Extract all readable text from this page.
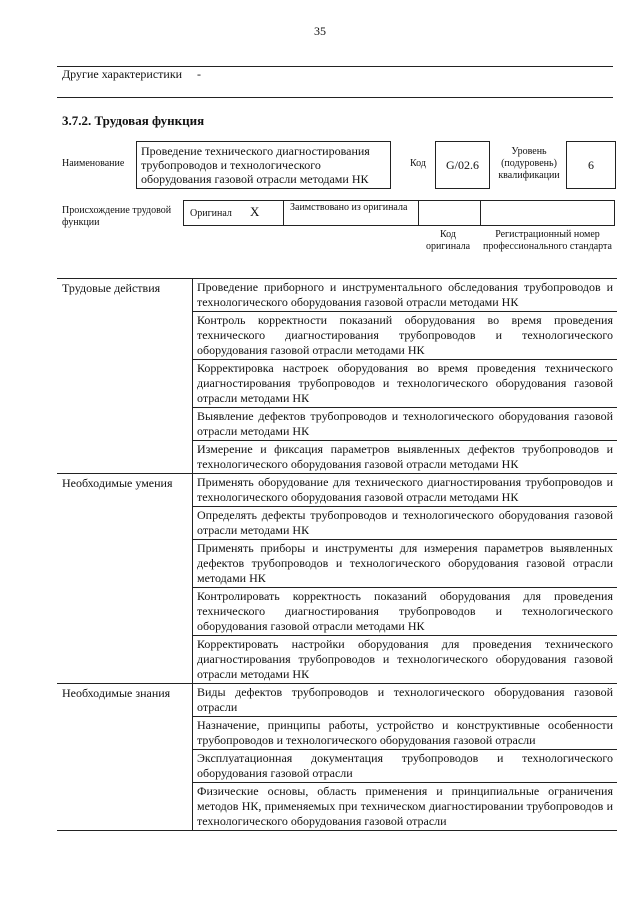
35
Другие характеристики	-
3.7.2. Трудовая функция
Наименование
Проведение технического диагностирования трубопроводов и технологического оборудования газовой отрасли методами НК
Код	G/02.6
Уровень (подуровень) квалификации
6
Происхождение трудовой функции
Оригинал X	Заимствовано из оригинала
Код оригинала
Регистрационный номер профессионального стандарта
Трудовые действия	Проведение приборного и инструментального обследования трубопроводов и технологического оборудования газовой отрасли методами НК
Контроль корректности показаний оборудования во время проведения технического диагностирования трубопроводов и технологического оборудования газовой отрасли методами НК
Корректировка настроек оборудования во время проведения технического диагностирования трубопроводов и технологического оборудования газовой отрасли методами НК
Выявление дефектов трубопроводов и технологического оборудования газовой отрасли методами НК
Измерение и фиксация параметров выявленных дефектов трубопроводов и технологического оборудования газовой отрасли методами НК
Необходимые умения	Применять оборудование для технического диагностирования трубопроводов и технологического оборудования газовой отрасли методами НК
Определять дефекты трубопроводов и технологического оборудования газовой отрасли методами НК
Применять приборы и инструменты для измерения параметров выявленных дефектов трубопроводов и технологического оборудования газовой отрасли методами НК
Контролировать корректность показаний оборудования для проведения технического диагностирования трубопроводов и технологического оборудования газовой отрасли методами НК
Корректировать настройки оборудования для проведения технического диагностирования трубопроводов и технологического оборудования газовой отрасли методами НК
Необходимые знания	Виды дефектов трубопроводов и технологического оборудования газовой отрасли
Назначение, принципы работы, устройство и конструктивные особенности трубопроводов и технологического оборудования газовой отрасли
Эксплуатационная документация трубопроводов и технологического оборудования газовой отрасли
Физические основы, область применения и принципиальные ограничения методов НК, применяемых при техническом диагностировании трубопроводов и технологического оборудования газовой отрасли
